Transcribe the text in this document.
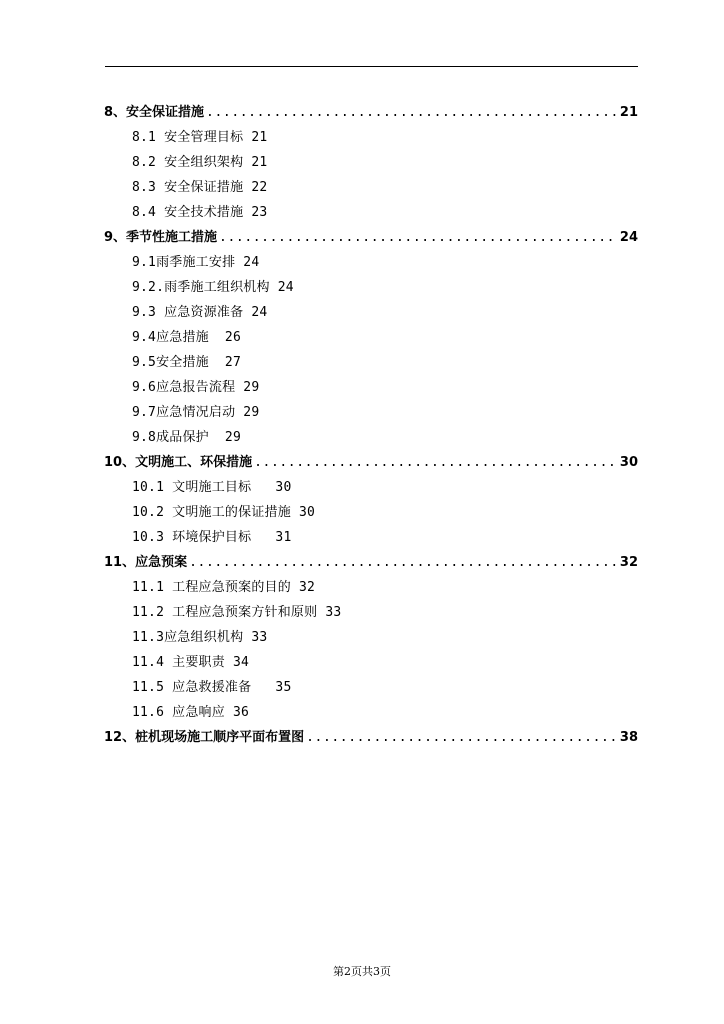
8、安全保证措施 .....	21
8.1 安全管理目标 21
8.2 安全组织架构 21
8.3 安全保证措施 22
8.4 安全技术措施 23
9、季节性施工措施 .....	24
9.1雨季施工安排 24
9.2.雨季施工组织机构 24
9.3 应急资源准备 24
9.4应急措施  26
9.5安全措施  27
9.6应急报告流程 29
9.7应急情况启动 29
9.8成品保护  29
10、文明施工、环保措施 .....	30
10.1 文明施工目标   30
10.2 文明施工的保证措施 30
10.3 环境保护目标   31
11、应急预案 .....	32
11.1 工程应急预案的目的 32
11.2 工程应急预案方针和原则 33
11.3应急组织机构 33
11.4 主要职责 34
11.5 应急救援准备   35
11.6 应急响应 36
12、桩机现场施工顺序平面布置图 .....	38
第2页共3页
